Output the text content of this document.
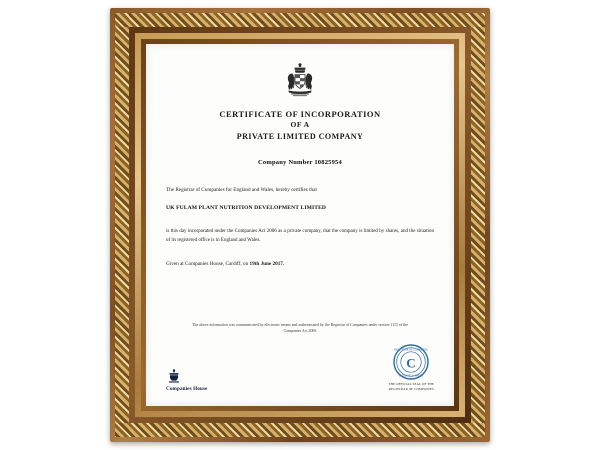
CERTIFICATE OF INCORPORATION
OF A
PRIVATE LIMITED COMPANY
Company Number 10825954
The Registrar of Companies for England and Wales, hereby certifies that
UK FULAM PLANT NUTRITION DEVELOPMENT LIMITED
is this day incorporated under the Companies Act 2006 as a private company, that the company is limited by shares, and the situation of its registered office is in England and Wales.
Given at Companies House, Cardiff, on 19th June 2017.
The above information was communicated by electronic means and authenticated by the Registrar of Companies under section 1115 of the Companies Act 2006
Companies House
REGISTRAR OF COMPANIES
ENGLAND & WALES
C
THE OFFICIAL SEAL OF THE
REGISTRAR OF COMPANIES
